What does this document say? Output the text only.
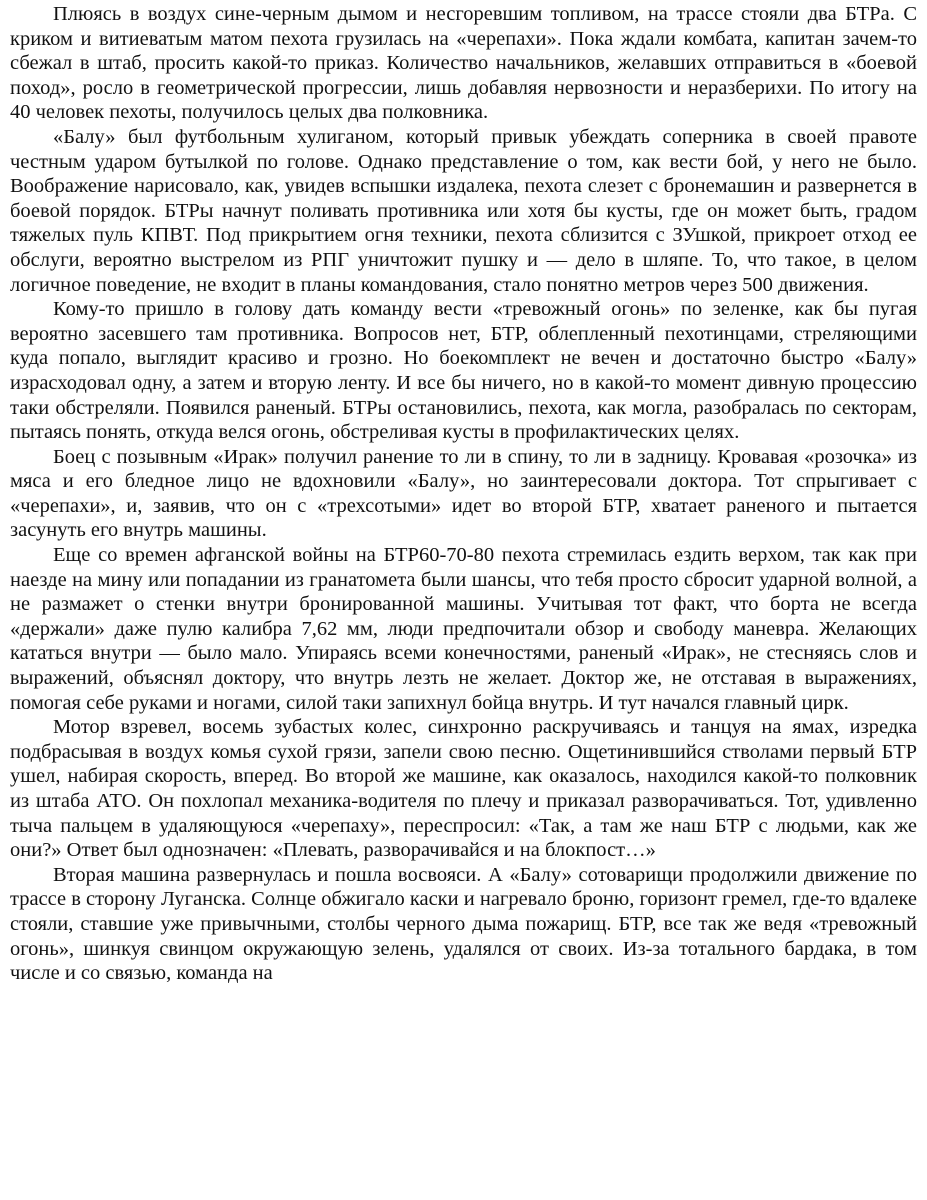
Плюясь в воздух сине-черным дымом и несгоревшим топливом, на трассе стояли два БТРа. С криком и витиеватым матом пехота грузилась на «черепахи». Пока ждали комбата, капитан зачем-то сбежал в штаб, просить какой-то приказ. Количество начальников, желавших отправиться в «боевой поход», росло в геометрической прогрессии, лишь добавляя нервозности и неразберихи. По итогу на 40 человек пехоты, получилось целых два полковника.

«Балу» был футбольным хулиганом, который привык убеждать соперника в своей правоте честным ударом бутылкой по голове. Однако представление о том, как вести бой, у него не было. Воображение нарисовало, как, увидев вспышки издалека, пехота слезет с бронемашин и развернется в боевой порядок. БТРы начнут поливать противника или хотя бы кусты, где он может быть, градом тяжелых пуль КПВТ. Под прикрытием огня техники, пехота сблизится с ЗУшкой, прикроет отход ее обслуги, вероятно выстрелом из РПГ уничтожит пушку и — дело в шляпе. То, что такое, в целом логичное поведение, не входит в планы командования, стало понятно метров через 500 движения.

Кому-то пришло в голову дать команду вести «тревожный огонь» по зеленке, как бы пугая вероятно засевшего там противника. Вопросов нет, БТР, облепленный пехотинцами, стреляющими куда попало, выглядит красиво и грозно. Но боекомплект не вечен и достаточно быстро «Балу» израсходовал одну, а затем и вторую ленту. И все бы ничего, но в какой-то момент дивную процессию таки обстреляли. Появился раненый. БТРы остановились, пехота, как могла, разобралась по секторам, пытаясь понять, откуда велся огонь, обстреливая кусты в профилактических целях.

Боец с позывным «Ирак» получил ранение то ли в спину, то ли в задницу. Кровавая «розочка» из мяса и его бледное лицо не вдохновили «Балу», но заинтересовали доктора. Тот спрыгивает с «черепахи», и, заявив, что он с «трехсотыми» идет во второй БТР, хватает раненого и пытается засунуть его внутрь машины.

Еще со времен афганской войны на БТР60-70-80 пехота стремилась ездить верхом, так как при наезде на мину или попадании из гранатомета были шансы, что тебя просто сбросит ударной волной, а не размажет о стенки внутри бронированной машины. Учитывая тот факт, что борта не всегда «держали» даже пулю калибра 7,62 мм, люди предпочитали обзор и свободу маневра. Желающих кататься внутри — было мало. Упираясь всеми конечностями, раненый «Ирак», не стесняясь слов и выражений, объяснял доктору, что внутрь лезть не желает. Доктор же, не отставая в выражениях, помогая себе руками и ногами, силой таки запихнул бойца внутрь. И тут начался главный цирк.

Мотор взревел, восемь зубастых колес, синхронно раскручиваясь и танцуя на ямах, изредка подбрасывая в воздух комья сухой грязи, запели свою песню. Ощетинившийся стволами первый БТР ушел, набирая скорость, вперед. Во второй же машине, как оказалось, находился какой-то полковник из штаба АТО. Он похлопал механика-водителя по плечу и приказал разворачиваться. Тот, удивленно тыча пальцем в удаляющуюся «черепаху», переспросил: «Так, а там же наш БТР с людьми, как же они?» Ответ был однозначен: «Плевать, разворачивайся и на блокпост…»

Вторая машина развернулась и пошла восвояси. А «Балу» сотоварищи продолжили движение по трассе в сторону Луганска. Солнце обжигало каски и нагревало броню, горизонт гремел, где-то вдалеке стояли, ставшие уже привычными, столбы черного дыма пожарищ. БТР, все так же ведя «тревожный огонь», шинкуя свинцом окружающую зелень, удалялся от своих. Из-за тотального бардака, в том числе и со связью, команда на
